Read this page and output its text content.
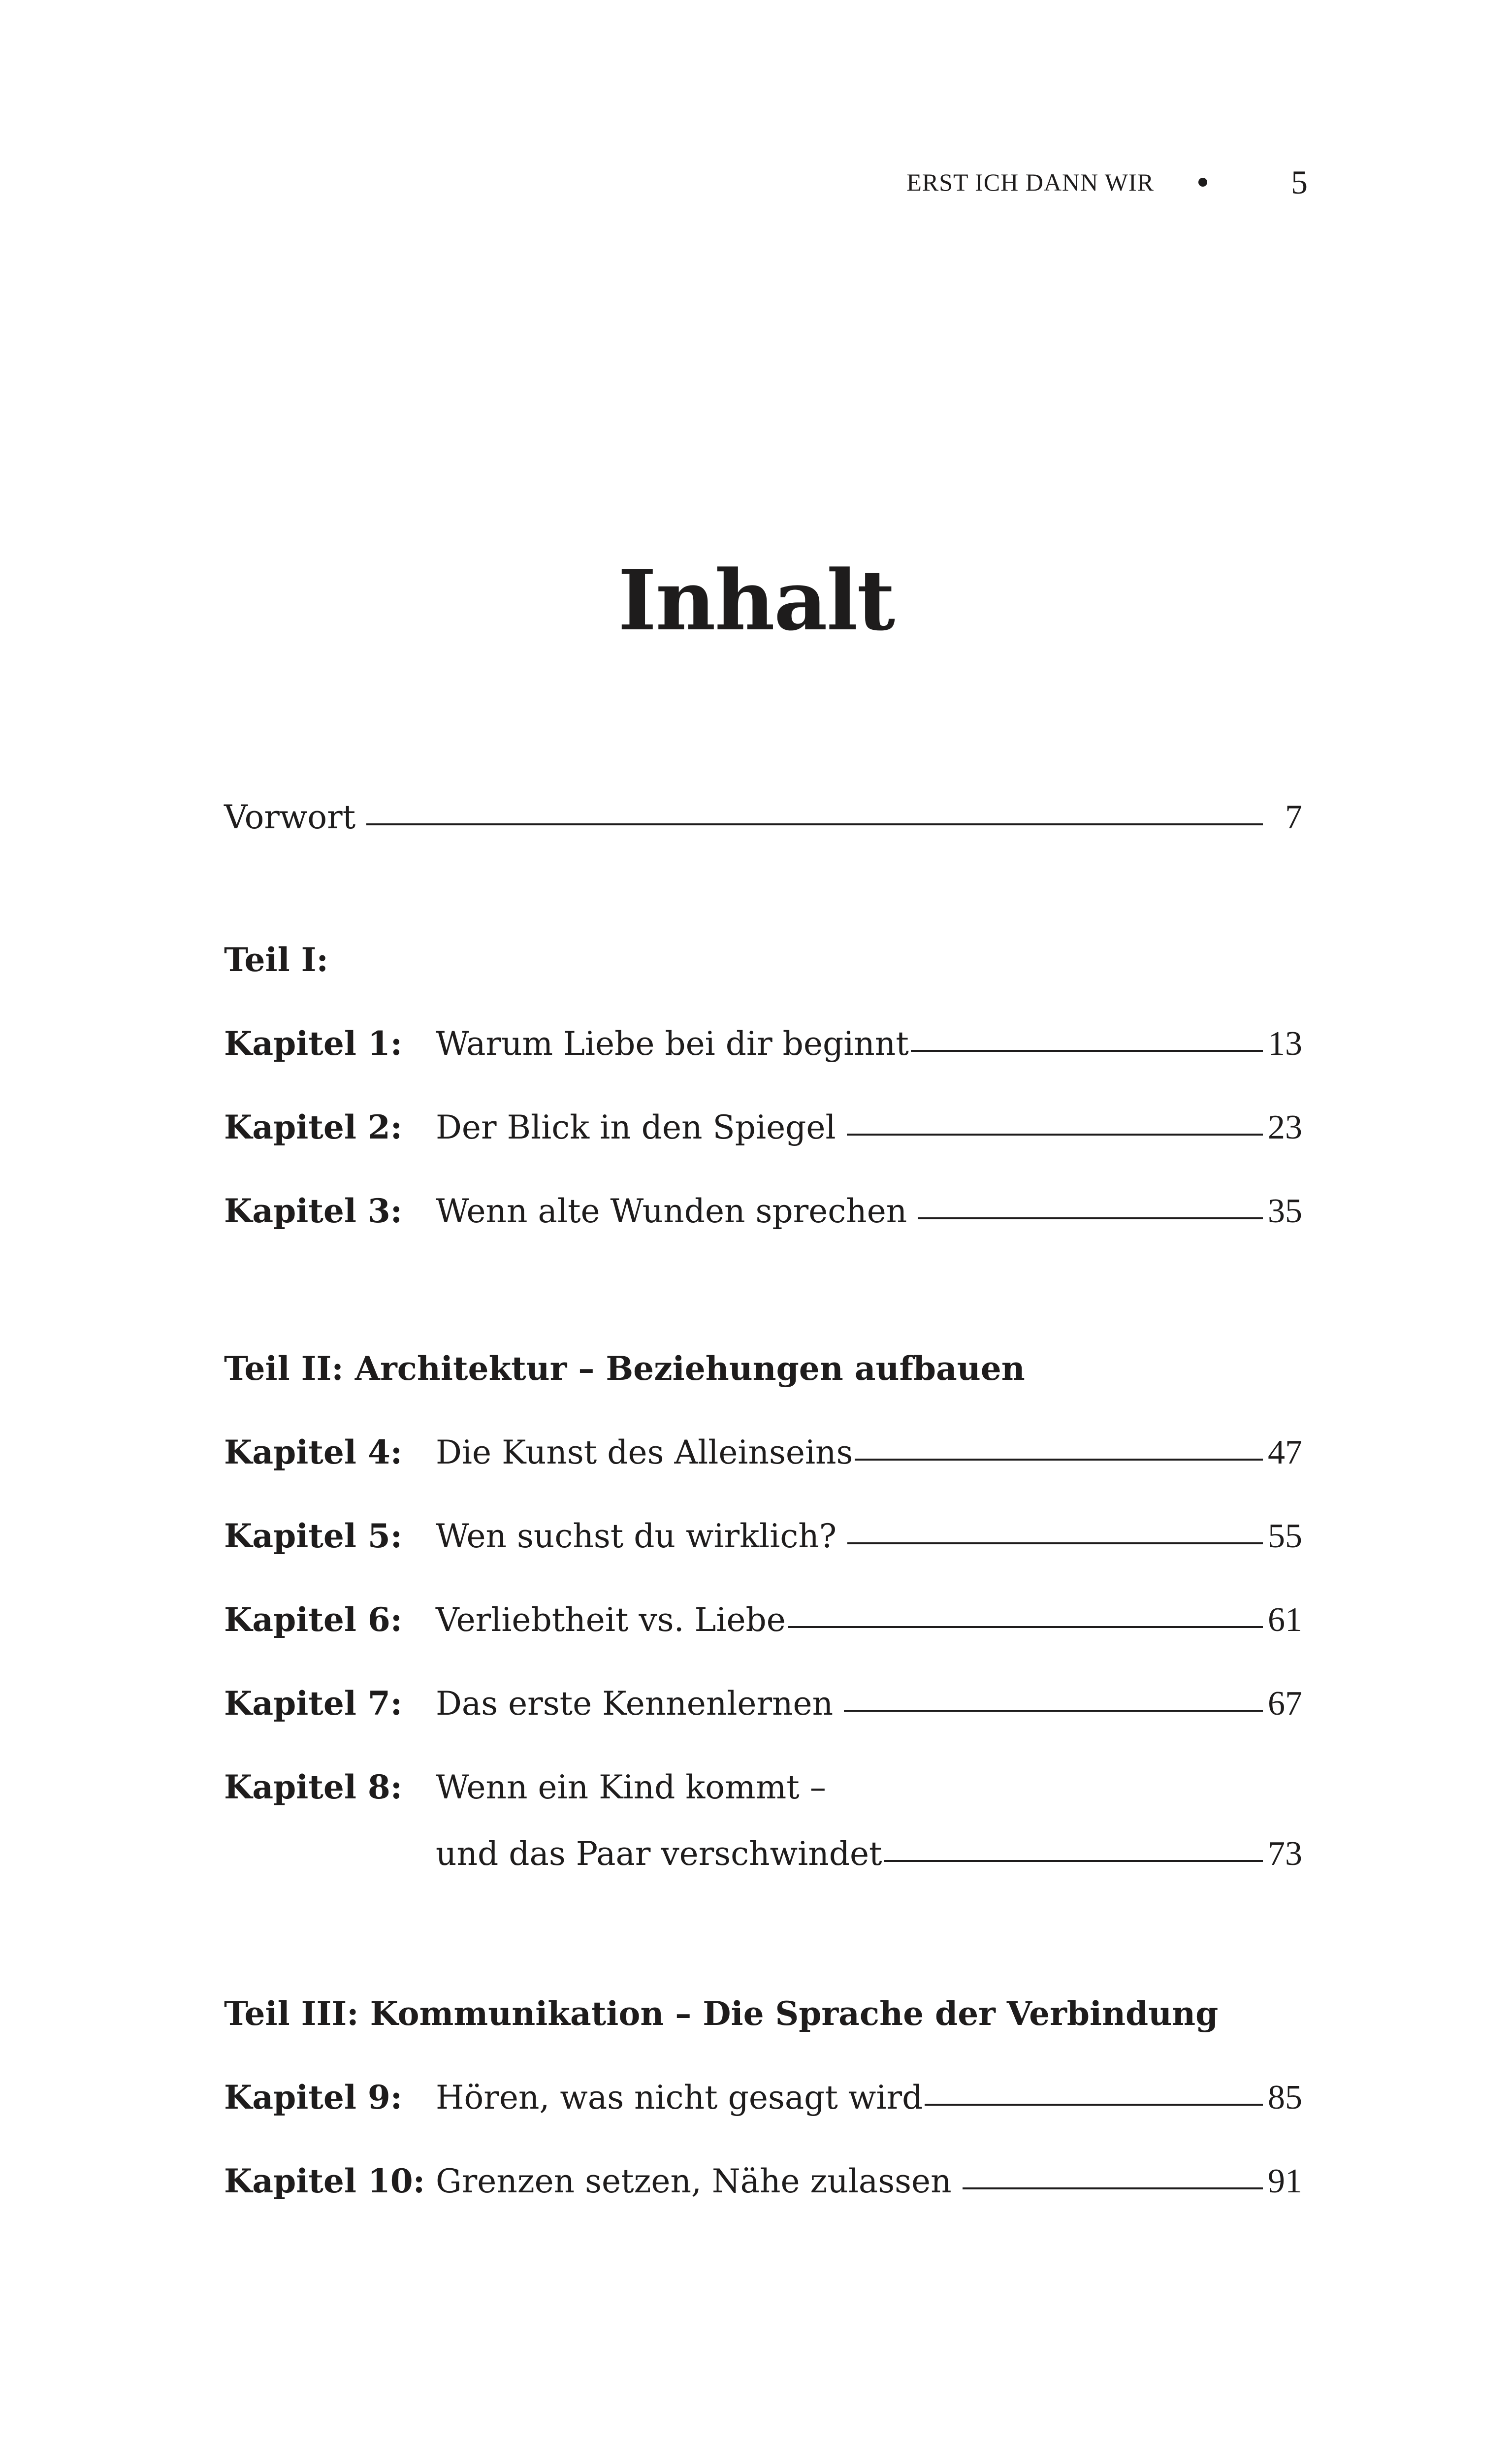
ERST ICH DANN WIR	5
Inhalt
Vorwort	7
Teil I:
Kapitel 1:	Warum Liebe bei dir beginnt	13
Kapitel 2:	Der Blick in den Spiegel	23
Kapitel 3:	Wenn alte Wunden sprechen	35
Teil II: Architektur – Beziehungen aufbauen
Kapitel 4:	Die Kunst des Alleinseins	47
Kapitel 5:	Wen suchst du wirklich?	55
Kapitel 6:	Verliebtheit vs. Liebe	61
Kapitel 7:	Das erste Kennenlernen	67
Kapitel 8:	Wenn ein Kind kommt –
und das Paar verschwindet	73
Teil III: Kommunikation – Die Sprache der Verbindung
Kapitel 9:	Hören, was nicht gesagt wird	85
Kapitel 10: Grenzen setzen, Nähe zulassen	91
